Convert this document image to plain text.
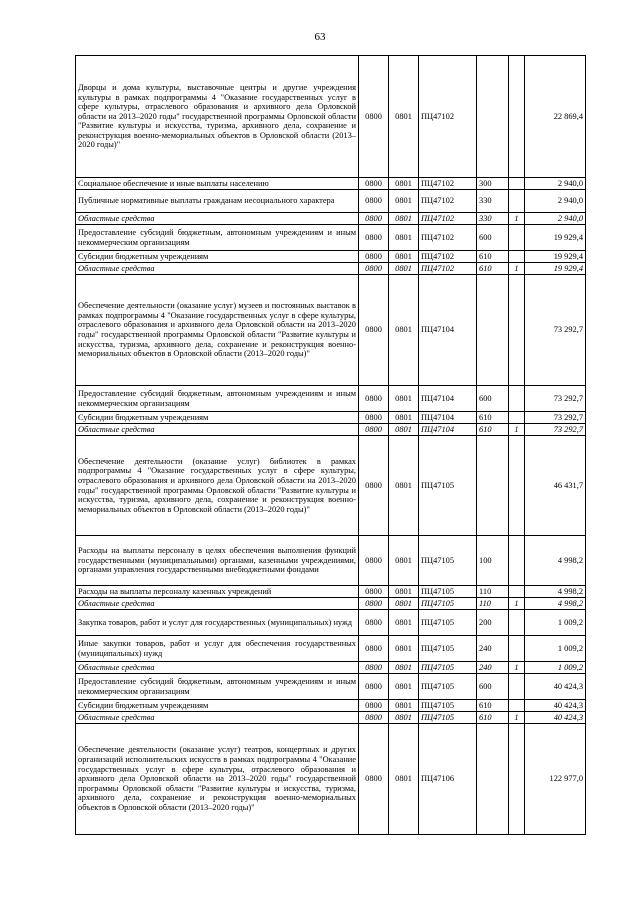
63
Дворцы и дома культуры, выставочные центры и другие учреждения культуры в рамках подпрограммы 4 "Оказание государственных услуг в сфере культуры, отраслевого образования и архивного дела Орловской области на 2013–2020 годы" государственной программы Орловской области "Развитие культуры и искусства, туризма, архивного дела, сохранение и реконструкция военно-мемориальных объектов в Орловской области (2013–2020 годы)"	0800	0801	ПЦ47102			22 869,4
Социальное обеспечение и иные выплаты населению	0800	0801	ПЦ47102	300		2 940,0
Публичные нормативные выплаты гражданам несоциального характера	0800	0801	ПЦ47102	330		2 940,0
Областные средства	0800	0801	ПЦ47102	330	1	2 940,0
Предоставление субсидий бюджетным, автономным учреждениям и иным некоммерческим организациям	0800	0801	ПЦ47102	600		19 929,4
Субсидии бюджетным учреждениям	0800	0801	ПЦ47102	610		19 929,4
Областные средства	0800	0801	ПЦ47102	610	1	19 929,4
Обеспечение деятельности (оказание услуг) музеев и постоянных выставок в рамках подпрограммы 4 "Оказание государственных услуг в сфере культуры, отраслевого образования и архивного дела Орловской области на 2013–2020 годы" государственной программы Орловской области "Развитие культуры и искусства, туризма, архивного дела, сохранение и реконструкция военно-мемориальных объектов в Орловской области (2013–2020 годы)"	0800	0801	ПЦ47104			73 292,7
Предоставление субсидий бюджетным, автономным учреждениям и иным некоммерческим организациям	0800	0801	ПЦ47104	600		73 292,7
Субсидии бюджетным учреждениям	0800	0801	ПЦ47104	610		73 292,7
Областные средства	0800	0801	ПЦ47104	610	1	73 292,7
Обеспечение деятельности (оказание услуг) библиотек в рамках подпрограммы 4 "Оказание государственных услуг в сфере культуры, отраслевого образования и архивного дела Орловской области на 2013–2020 годы" государственной программы Орловской области "Развитие культуры и искусства, туризма, архивного дела, сохранение и реконструкция военно-мемориальных объектов в Орловской области (2013–2020 годы)"	0800	0801	ПЦ47105			46 431,7
Расходы на выплаты персоналу в целях обеспечения выполнения функций государственными (муниципальными) органами, казенными учреждениями, органами управления государственными внебюджетными фондами	0800	0801	ПЦ47105	100		4 998,2
Расходы на выплаты персоналу казенных учреждений	0800	0801	ПЦ47105	110		4 998,2
Областные средства	0800	0801	ПЦ47105	110	1	4 998,2
Закупка товаров, работ и услуг для государственных (муниципальных) нужд	0800	0801	ПЦ47105	200		1 009,2
Иные закупки товаров, работ и услуг для обеспечения государственных (муниципальных) нужд	0800	0801	ПЦ47105	240		1 009,2
Областные средства	0800	0801	ПЦ47105	240	1	1 009,2
Предоставление субсидий бюджетным, автономным учреждениям и иным некоммерческим организациям	0800	0801	ПЦ47105	600		40 424,3
Субсидии бюджетным учреждениям	0800	0801	ПЦ47105	610		40 424,3
Областные средства	0800	0801	ПЦ47105	610	1	40 424,3
Обеспечение деятельности (оказание услуг) театров, концертных и других организаций исполнительских искусств в рамках подпрограммы 4 "Оказание государственных услуг в сфере культуры, отраслевого образования и архивного дела Орловской области на 2013–2020 годы" государственной программы Орловской области "Развитие культуры и искусства, туризма, архивного дела, сохранение и реконструкция военно-мемориальных объектов в Орловской области (2013–2020 годы)"	0800	0801	ПЦ47106			122 977,0
